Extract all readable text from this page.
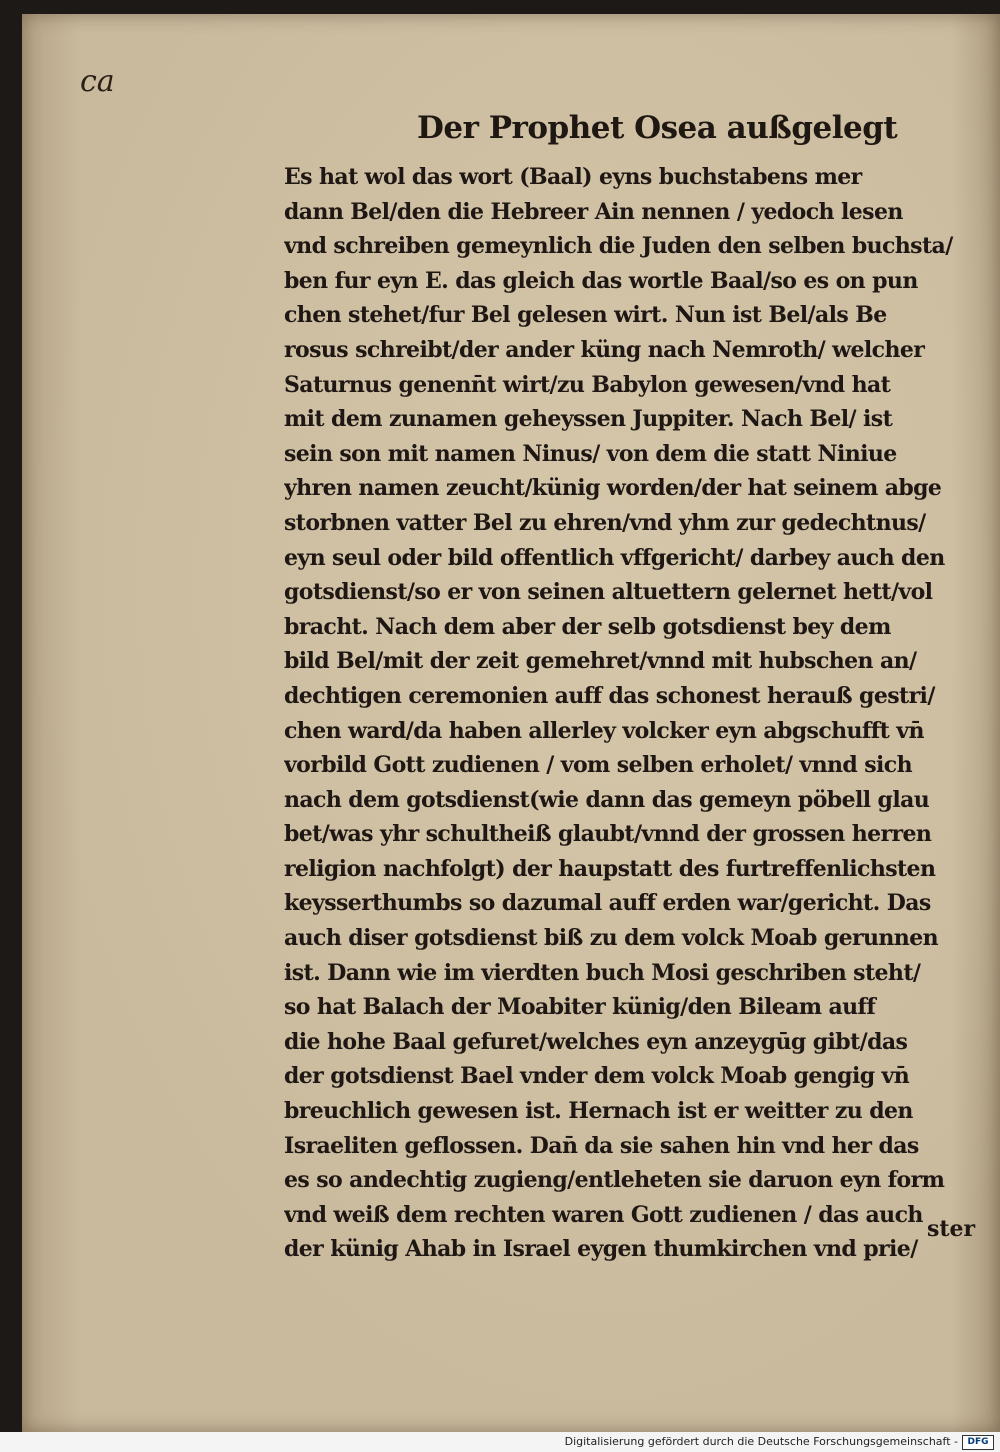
ca
Der Prophet Osea außgelegt
Es hat wol das wort (Baal) eyns buchstabens mer
dann Bel/den die Hebreer Ain nennen / yedoch lesen
vnd schreiben gemeynlich die Juden den selben buchsta/
ben fur eyn E. das gleich das wortle Baal/so es on pun
chen stehet/fur Bel gelesen wirt. Nun ist Bel/als Be
rosus schreibt/der ander küng nach Nemroth/ welcher
Saturnus genenn̄t wirt/zu Babylon gewesen/vnd hat
mit dem zunamen geheyssen Juppiter. Nach Bel/ ist
sein son mit namen Ninus/ von dem die statt Niniue
yhren namen zeucht/künig worden/der hat seinem abge
storbnen vatter Bel zu ehren/vnd yhm zur gedechtnus/
eyn seul oder bild offentlich vffgericht/ darbey auch den
gotsdienst/so er von seinen altuettern gelernet hett/vol
bracht. Nach dem aber der selb gotsdienst bey dem
bild Bel/mit der zeit gemehret/vnnd mit hubschen an/
dechtigen ceremonien auff das schonest herauß gestri/
chen ward/da haben allerley volcker eyn abgschufft vn̄
vorbild Gott zudienen / vom selben erholet/ vnnd sich
nach dem gotsdienst(wie dann das gemeyn pöbell glau
bet/was yhr schultheiß glaubt/vnnd der grossen herren
religion nachfolgt) der haupstatt des furtreffenlichsten
keysserthumbs so dazumal auff erden war/gericht. Das
auch diser gotsdienst biß zu dem volck Moab gerunnen
ist. Dann wie im vierdten buch Mosi geschriben steht/
so hat Balach der Moabiter künig/den Bileam auff
die hohe Baal gefuret/welches eyn anzeygūg gibt/das
der gotsdienst Bael vnder dem volck Moab gengig vn̄
breuchlich gewesen ist. Hernach ist er weitter zu den
Israeliten geflossen. Dan̄ da sie sahen hin vnd her das
es so andechtig zugieng/entleheten sie daruon eyn form
vnd weiß dem rechten waren Gott zudienen / das auch
der künig Ahab in Israel eygen thumkirchen vnd prie/
ster
Digitalisierung gefördert durch die Deutsche Forschungsgemeinschaft -	DFG
